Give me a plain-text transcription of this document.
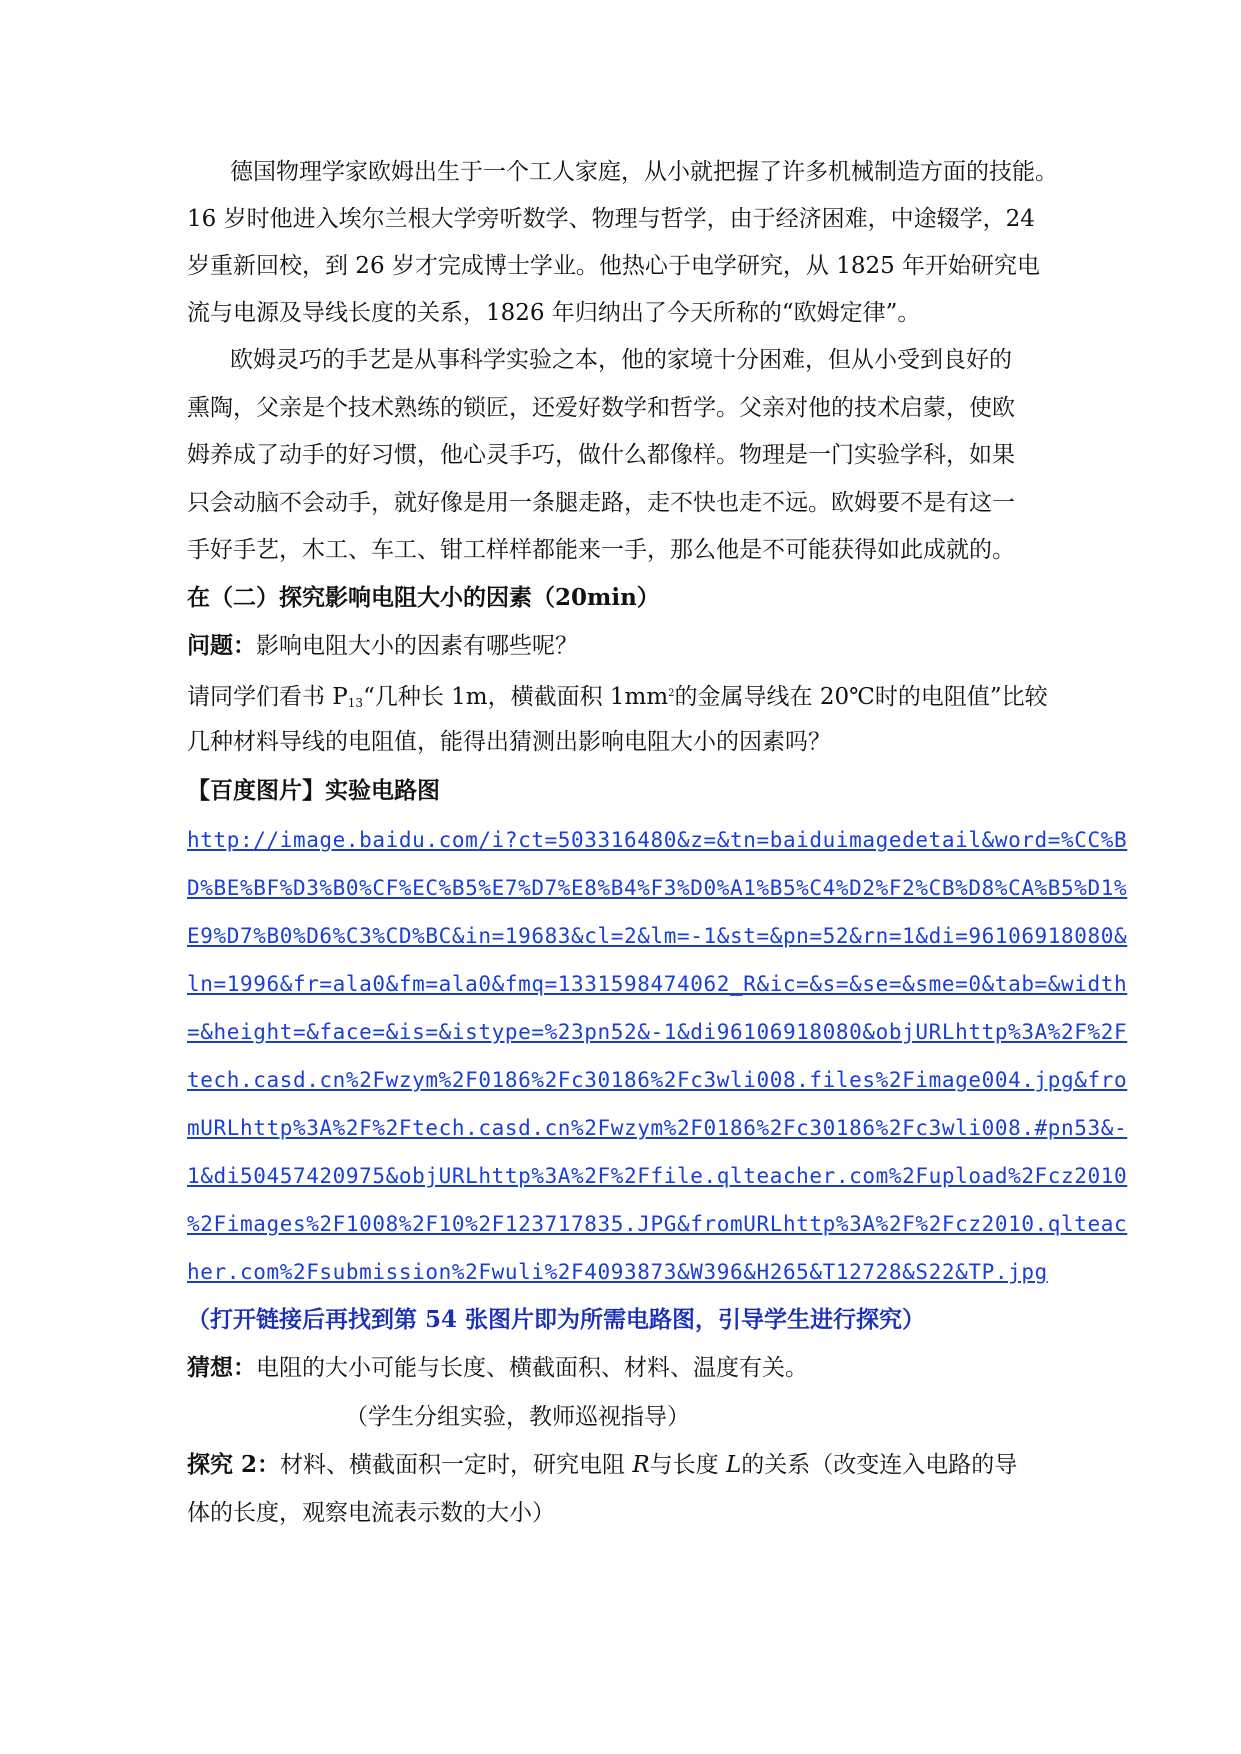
德国物理学家欧姆出生于一个工人家庭，从小就把握了许多机械制造方面的技能。
16 岁时他进入埃尔兰根大学旁听数学、物理与哲学，由于经济困难，中途辍学，24
岁重新回校，到 26 岁才完成博士学业。他热心于电学研究，从 1825 年开始研究电
流与电源及导线长度的关系，1826 年归纳出了今天所称的“欧姆定律”。
欧姆灵巧的手艺是从事科学实验之本，他的家境十分困难，但从小受到良好的
熏陶，父亲是个技术熟练的锁匠，还爱好数学和哲学。父亲对他的技术启蒙，使欧
姆养成了动手的好习惯，他心灵手巧，做什么都像样。物理是一门实验学科，如果
只会动脑不会动手，就好像是用一条腿走路，走不快也走不远。欧姆要不是有这一
手好手艺，木工、车工、钳工样样都能来一手，那么他是不可能获得如此成就的。
在（二）探究影响电阻大小的因素（20min）
问题：影响电阻大小的因素有哪些呢？
请同学们看书 $P_{13}“$几种长 1m，横截面积 $1mm^2$的金属导线在 20℃时的电阻值”比较
几种材料导线的电阻值，能得出猜测出影响电阻大小的因素吗？
【百度图片】实验电路图
http://image.baidu.com/i?ct=503316480&z=&tn=baiduimagedetail&word=%CC%B
D%BE%BF%D3%B0%CF%EC%B5%E7%D7%E8%B4%F3%D0%A1%B5%C4%D2%F2%CB%D8%CA%B5%D1%
E9%D7%B0%D6%C3%CD%BC&in=19683&cl=2&lm=-1&st=&pn=52&rn=1&di=96106918080&
ln=1996&fr=ala0&fm=ala0&fmq=1331598474062_R&ic=&s=&se=&sme=0&tab=&width
=&height=&face=&is=&istype=%23pn52&-1&di96106918080&objURLhttp%3A%2F%2F
tech.casd.cn%2Fwzym%2F0186%2Fc30186%2Fc3wli008.files%2Fimage004.jpg&fro
mURLhttp%3A%2F%2Ftech.casd.cn%2Fwzym%2F0186%2Fc30186%2Fc3wli008.#pn53&-
1&di50457420975&objURLhttp%3A%2F%2Ffile.qlteacher.com%2Fupload%2Fcz2010
%2Fimages%2F1008%2F10%2F123717835.JPG&fromURLhttp%3A%2F%2Fcz2010.qlteac
her.com%2Fsubmission%2Fwuli%2F4093873&W396&H265&T12728&S22&TP.jpg
（打开链接后再找到第 54 张图片即为所需电路图，引导学生进行探究）
猜想：电阻的大小可能与长度、横截面积、材料、温度有关。
（学生分组实验，教师巡视指导）
探究 2：材料、横截面积一定时，研究电阻 R与长度 L的关系（改变连入电路的导
体的长度，观察电流表示数的大小）
